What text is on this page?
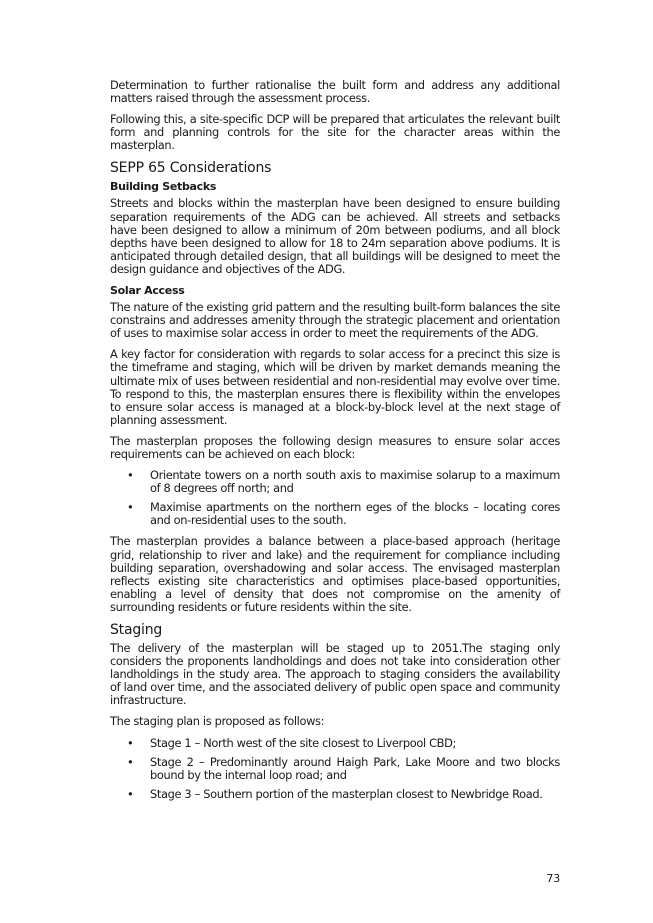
Determination to further rationalise the built form and address any additional matters raised through the assessment process.

Following this, a site-specific DCP will be prepared that articulates the relevant built form and planning controls for the site for the character areas within the masterplan.

SEPP 65 Considerations
Building Setbacks

Streets and blocks within the masterplan have been designed to ensure building separation requirements of the ADG can be achieved. All streets and setbacks have been designed to allow a minimum of 20m between podiums, and all block depths have been designed to allow for 18 to 24m separation above podiums. It is anticipated through detailed design, that all buildings will be designed to meet the design guidance and objectives of the ADG.

Solar Access

The nature of the existing grid pattern and the resulting built-form balances the site constrains and addresses amenity through the strategic placement and orientation of uses to maximise solar access in order to meet the requirements of the ADG.

A key factor for consideration with regards to solar access for a precinct this size is the timeframe and staging, which will be driven by market demands meaning the ultimate mix of uses between residential and non-residential may evolve over time. To respond to this, the masterplan ensures there is flexibility within the envelopes to ensure solar access is managed at a block-by-block level at the next stage of planning assessment.

The masterplan proposes the following design measures to ensure solar acces requirements can be achieved on each block:

• Orientate towers on a north south axis to maximise solarup to a maximum of 8 degrees off north; and
• Maximise apartments on the northern eges of the blocks – locating cores and on-residential uses to the south.

The masterplan provides a balance between a place-based approach (heritage grid, relationship to river and lake) and the requirement for compliance including building separation, overshadowing and solar access. The envisaged masterplan reflects existing site characteristics and optimises place-based opportunities, enabling a level of density that does not compromise on the amenity of surrounding residents or future residents within the site.

Staging

The delivery of the masterplan will be staged up to 2051.The staging only considers the proponents landholdings and does not take into consideration other landholdings in the study area. The approach to staging considers the availability of land over time, and the associated delivery of public open space and community infrastructure.

The staging plan is proposed as follows:

• Stage 1 – North west of the site closest to Liverpool CBD;
• Stage 2 – Predominantly around Haigh Park, Lake Moore and two blocks bound by the internal loop road; and
• Stage 3 – Southern portion of the masterplan closest to Newbridge Road.
73
